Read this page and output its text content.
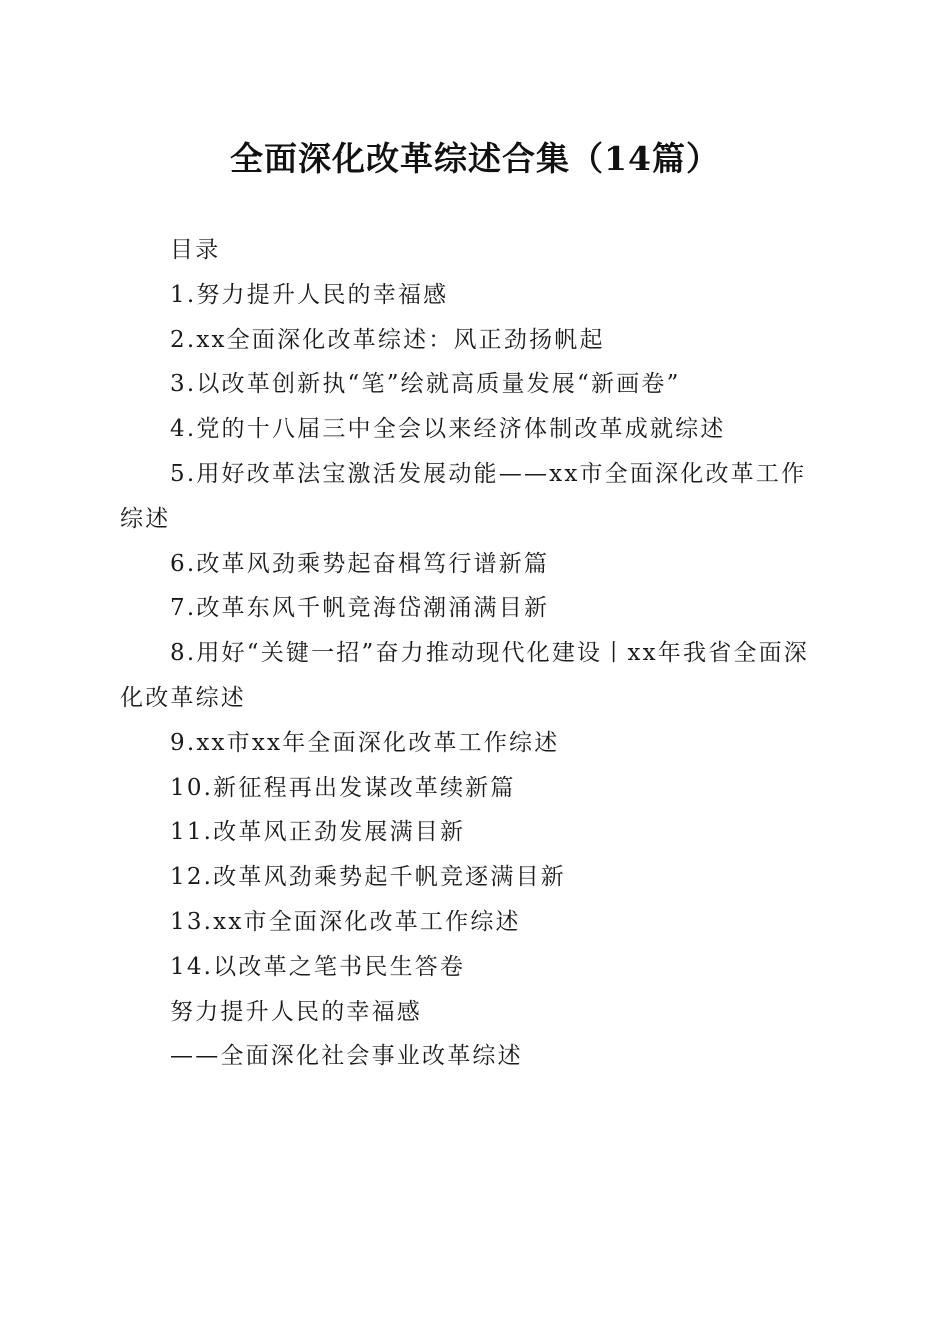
全面深化改革综述合集（14篇）

目录

1.努力提升人民的幸福感

2.xx全面深化改革综述：风正劲扬帆起

3.以改革创新执“笔”绘就高质量发展“新画卷”

4.党的十八届三中全会以来经济体制改革成就综述

5.用好改革法宝激活发展动能——xx市全面深化改革工作综述

6.改革风劲乘势起奋楫笃行谱新篇

7.改革东风千帆竞海岱潮涌满目新

8.用好“关键一招”奋力推动现代化建设丨xx年我省全面深化改革综述

9.xx市xx年全面深化改革工作综述

10.新征程再出发谋改革续新篇

11.改革风正劲发展满目新

12.改革风劲乘势起千帆竞逐满目新

13.xx市全面深化改革工作综述

14.以改革之笔书民生答卷

努力提升人民的幸福感

——全面深化社会事业改革综述
